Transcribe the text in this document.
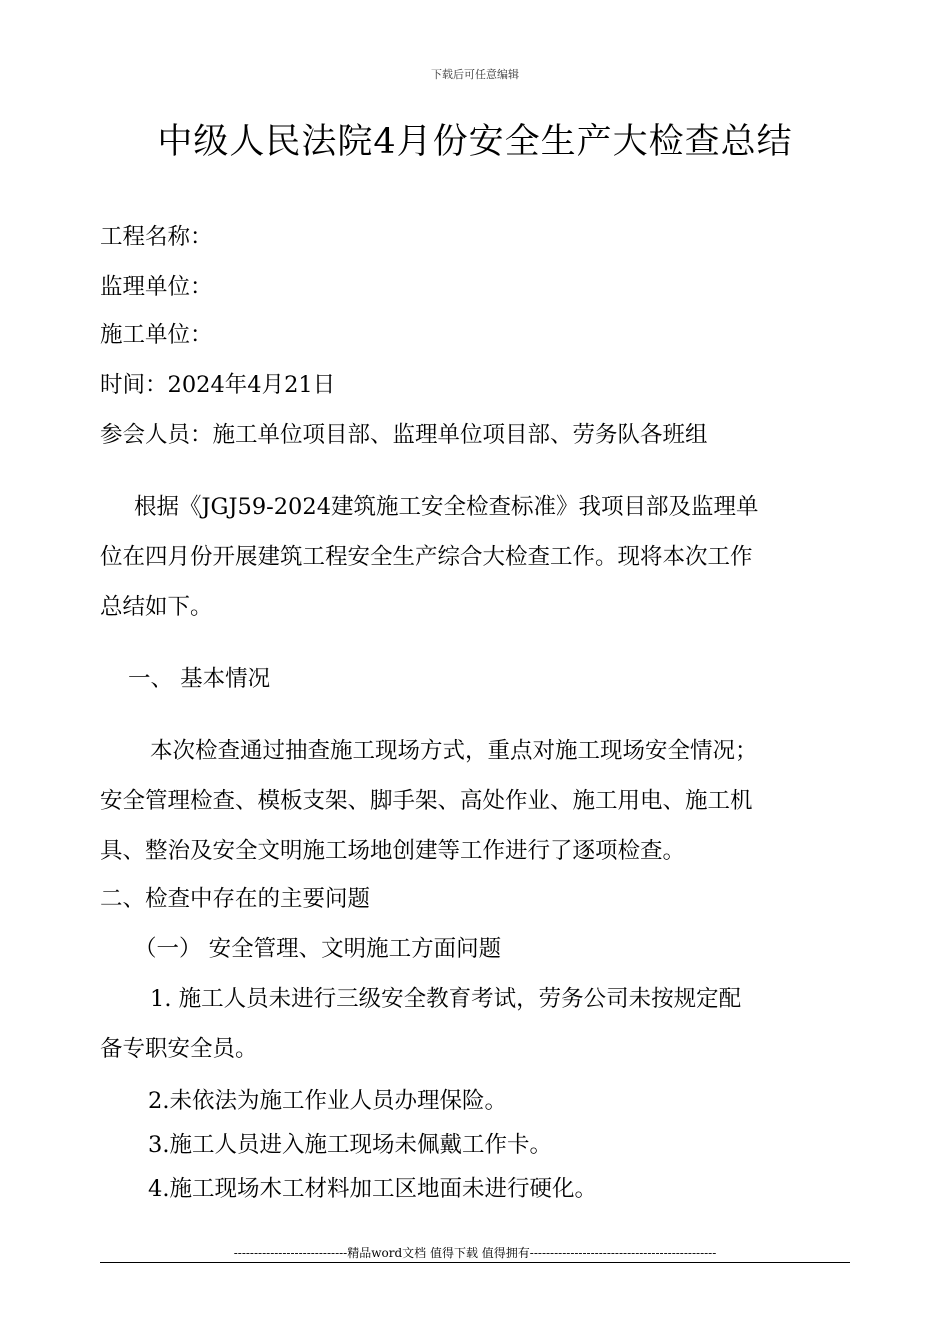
下载后可任意编辑
中级人民法院4月份安全生产大检查总结
工程名称：
监理单位：
施工单位：
时间：2024年4月21日
参会人员：施工单位项目部、监理单位项目部、劳务队各班组
根据《JGJ59-2024建筑施工安全检查标准》我项目部及监理单
位在四月份开展建筑工程安全生产综合大检查工作。现将本次工作
总结如下。
一、 基本情况
本次检查通过抽查施工现场方式，重点对施工现场安全情况；
安全管理检查、模板支架、脚手架、高处作业、施工用电、施工机
具、整治及安全文明施工场地创建等工作进行了逐项检查。
二、检查中存在的主要问题
（一） 安全管理、文明施工方面问题
1. 施工人员未进行三级安全教育考试，劳务公司未按规定配
备专职安全员。
2.未依法为施工作业人员办理保险。
3.施工人员进入施工现场未佩戴工作卡。
4.施工现场木工材料加工区地面未进行硬化。
----------------------------精品word文档 值得下载 值得拥有----------------------------------------------
